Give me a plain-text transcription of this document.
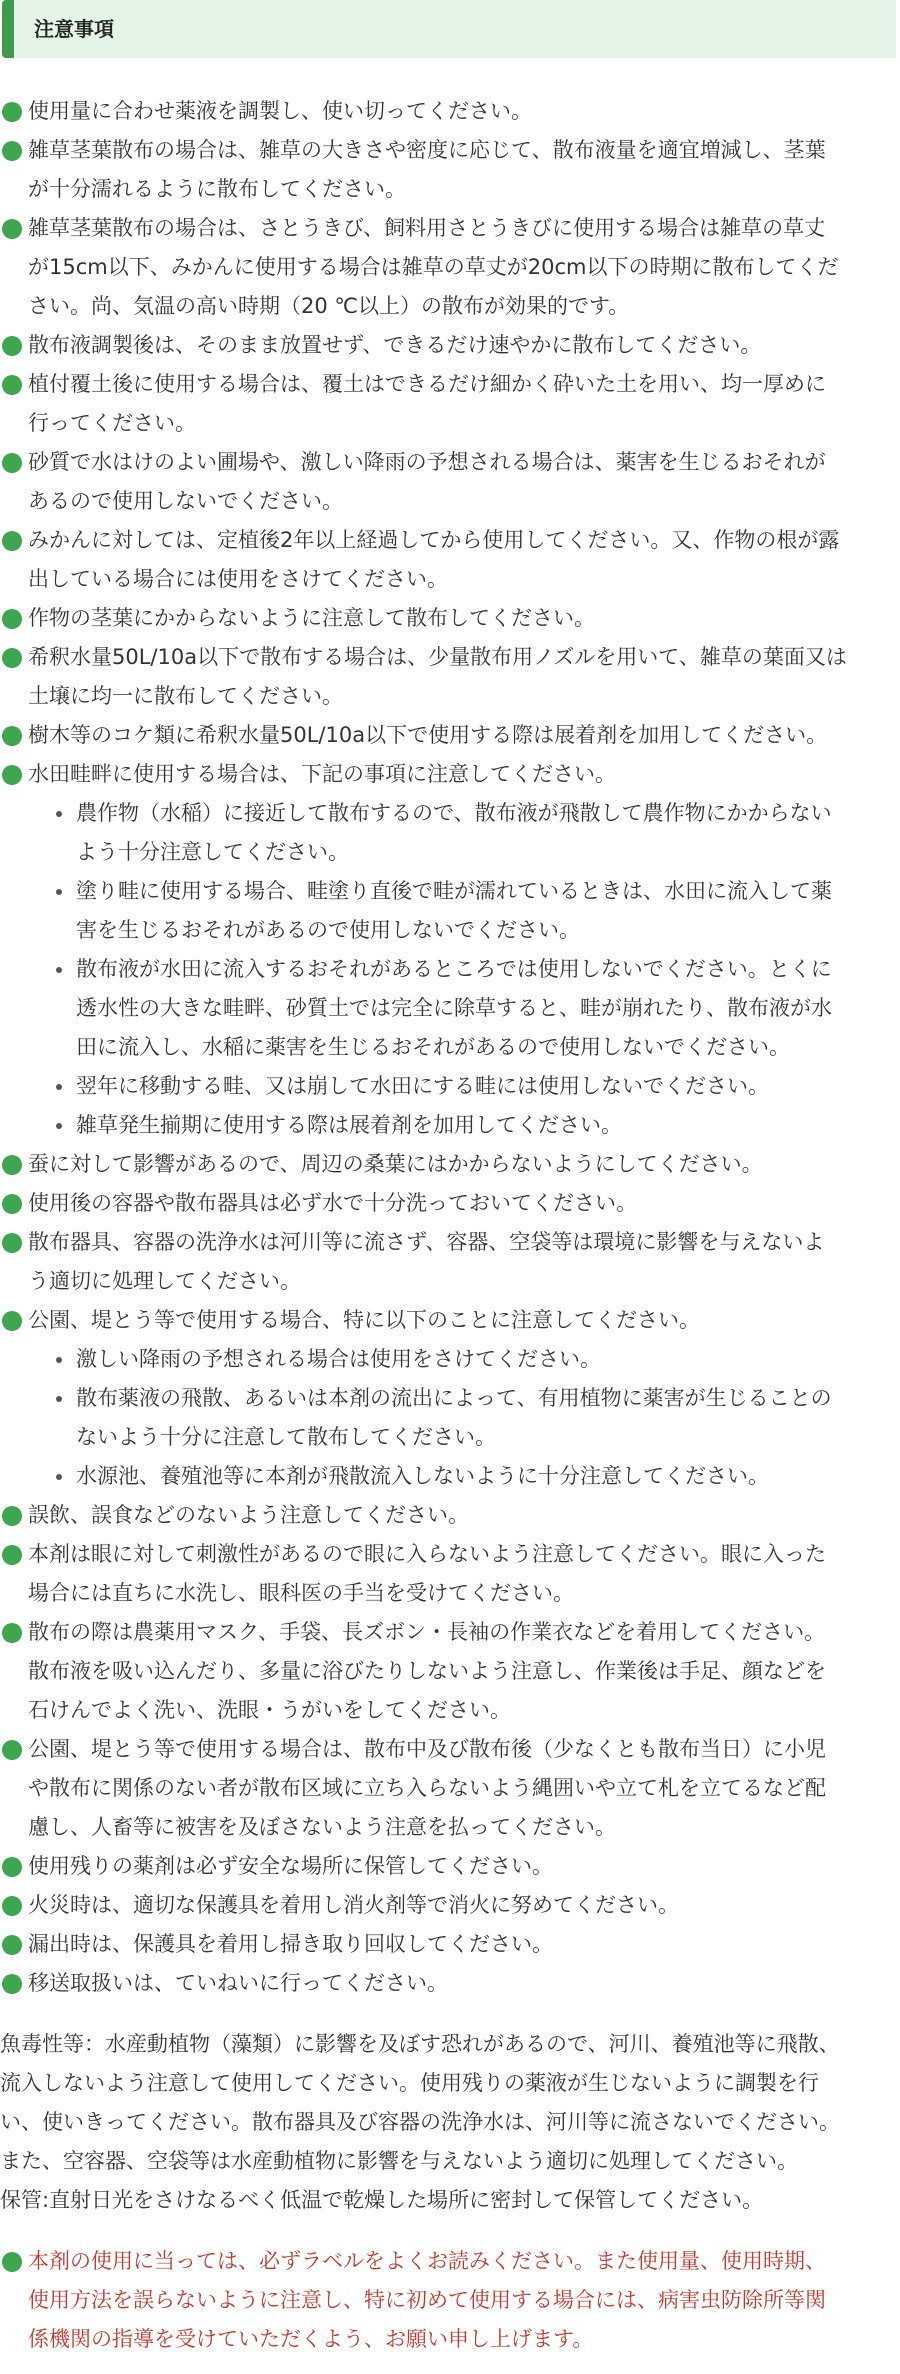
注意事項
使用量に合わせ薬液を調製し、使い切ってください。
雑草茎葉散布の場合は、雑草の大きさや密度に応じて、散布液量を適宜増減し、茎葉
が十分濡れるように散布してください。
雑草茎葉散布の場合は、さとうきび、飼料用さとうきびに使用する場合は雑草の草丈
が15cm以下、みかんに使用する場合は雑草の草丈が20cm以下の時期に散布してくだ
さい。尚、気温の高い時期（20 ℃以上）の散布が効果的です。
散布液調製後は、そのまま放置せず、できるだけ速やかに散布してください。
植付覆土後に使用する場合は、覆土はできるだけ細かく砕いた土を用い、均一厚めに
行ってください。
砂質で水はけのよい圃場や、激しい降雨の予想される場合は、薬害を生じるおそれが
あるので使用しないでください。
みかんに対しては、定植後2年以上経過してから使用してください。又、作物の根が露
出している場合には使用をさけてください。
作物の茎葉にかからないように注意して散布してください。
希釈水量50L/10a以下で散布する場合は、少量散布用ノズルを用いて、雑草の葉面又は
土壌に均一に散布してください。
樹木等のコケ類に希釈水量50L/10a以下で使用する際は展着剤を加用してください。
水田畦畔に使用する場合は、下記の事項に注意してください。
農作物（水稲）に接近して散布するので、散布液が飛散して農作物にかからない
よう十分注意してください。
塗り畦に使用する場合、畦塗り直後で畦が濡れているときは、水田に流入して薬
害を生じるおそれがあるので使用しないでください。
散布液が水田に流入するおそれがあるところでは使用しないでください。とくに
透水性の大きな畦畔、砂質土では完全に除草すると、畦が崩れたり、散布液が水
田に流入し、水稲に薬害を生じるおそれがあるので使用しないでください。
翌年に移動する畦、又は崩して水田にする畦には使用しないでください。
雑草発生揃期に使用する際は展着剤を加用してください。
蚕に対して影響があるので、周辺の桑葉にはかからないようにしてください。
使用後の容器や散布器具は必ず水で十分洗っておいてください。
散布器具、容器の洗浄水は河川等に流さず、容器、空袋等は環境に影響を与えないよ
う適切に処理してください。
公園、堤とう等で使用する場合、特に以下のことに注意してください。
激しい降雨の予想される場合は使用をさけてください。
散布薬液の飛散、あるいは本剤の流出によって、有用植物に薬害が生じることの
ないよう十分に注意して散布してください。
水源池、養殖池等に本剤が飛散流入しないように十分注意してください。
誤飲、誤食などのないよう注意してください。
本剤は眼に対して刺激性があるので眼に入らないよう注意してください。眼に入った
場合には直ちに水洗し、眼科医の手当を受けてください。
散布の際は農薬用マスク、手袋、長ズボン・長袖の作業衣などを着用してください。
散布液を吸い込んだり、多量に浴びたりしないよう注意し、作業後は手足、顔などを
石けんでよく洗い、洗眼・うがいをしてください。
公園、堤とう等で使用する場合は、散布中及び散布後（少なくとも散布当日）に小児
や散布に関係のない者が散布区域に立ち入らないよう縄囲いや立て札を立てるなど配
慮し、人畜等に被害を及ぼさないよう注意を払ってください。
使用残りの薬剤は必ず安全な場所に保管してください。
火災時は、適切な保護具を着用し消火剤等で消火に努めてください。
漏出時は、保護具を着用し掃き取り回収してください。
移送取扱いは、ていねいに行ってください。
魚毒性等：水産動植物（藻類）に影響を及ぼす恐れがあるので、河川、養殖池等に飛散、
流入しないよう注意して使用してください。使用残りの薬液が生じないように調製を行
い、使いきってください。散布器具及び容器の洗浄水は、河川等に流さないでください。
また、空容器、空袋等は水産動植物に影響を与えないよう適切に処理してください。
保管:直射日光をさけなるべく低温で乾燥した場所に密封して保管してください。
本剤の使用に当っては、必ずラベルをよくお読みください。また使用量、使用時期、
使用方法を誤らないように注意し、特に初めて使用する場合には、病害虫防除所等関
係機関の指導を受けていただくよう、お願い申し上げます。
